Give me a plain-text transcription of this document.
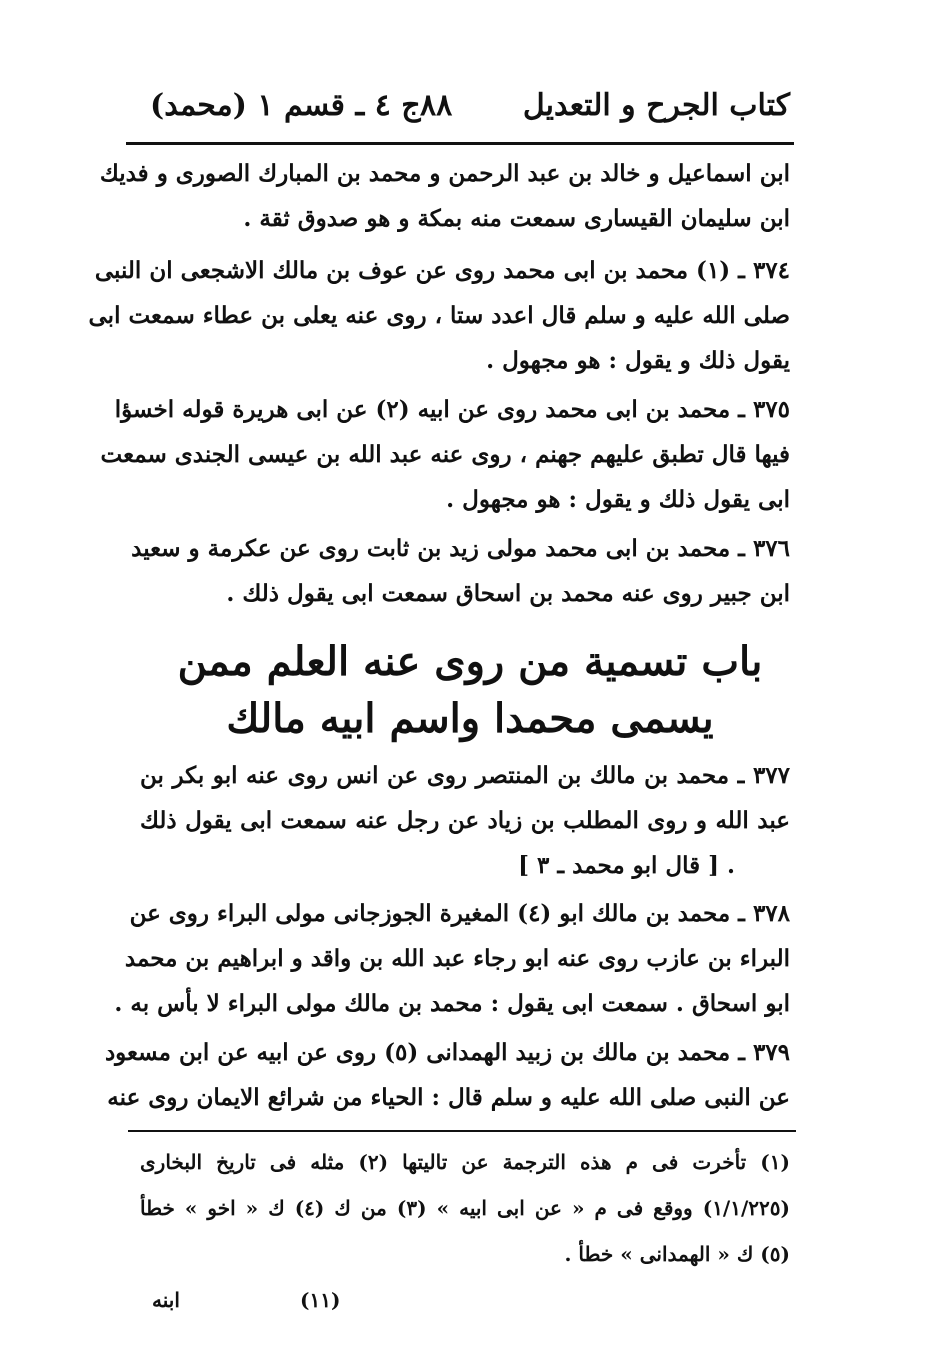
كتاب الجرح و التعديل
٨٨
(محمد) ج ٤ ـ قسم ١
ابن اسماعيل و خالد بن عبد الرحمن و محمد بن المبارك الصورى و فديك
ابن سليمان القيسارى سمعت منه بمكة و هو صدوق ثقة .
٣٧٤ ـ (١) محمد بن ابى محمد روى عن عوف بن مالك الاشجعى ان النبى
صلى الله عليه و سلم قال اعدد ستا ، روى عنه يعلى بن عطاء سمعت ابى
يقول ذلك و يقول : هو مجهول .
٣٧٥ ـ محمد بن ابى محمد روى عن ابيه (٢) عن ابى هريرة قوله اخسؤا
فيها قال تطبق عليهم جهنم ، روى عنه عبد الله بن عيسى الجندى سمعت
ابى يقول ذلك و يقول : هو مجهول .
٣٧٦ ـ محمد بن ابى محمد مولى زيد بن ثابت روى عن عكرمة و سعيد
ابن جبير روى عنه محمد بن اسحاق سمعت ابى يقول ذلك .
باب تسمية من روى عنه العلم ممن
يسمى محمدا واسم ابيه مالك
٣٧٧ ـ محمد بن مالك بن المنتصر روى عن انس روى عنه ابو بكر بن
عبد الله و روى المطلب بن زياد عن رجل عنه سمعت ابى يقول ذلك
. [ قال ابو محمد ـ ٣ ]
٣٧٨ ـ محمد بن مالك ابو (٤) المغيرة الجوزجانى مولى البراء روى عن
البراء بن عازب روى عنه ابو رجاء عبد الله بن واقد و ابراهيم بن محمد
ابو اسحاق . سمعت ابى يقول : محمد بن مالك مولى البراء لا بأس به .
٣٧٩ ـ محمد بن مالك بن زبيد الهمدانى (٥) روى عن ابيه عن ابن مسعود
عن النبى صلى الله عليه و سلم قال : الحياء من شرائع الايمان روى عنه
(١) تأخرت فى م هذه الترجمة عن تاليتها (٢) مثله فى تاريخ البخارى
(١/١/٢٢٥) ووقع فى م « عن ابى ابيه » (٣) من ك (٤) ك « اخو » خطأ
(٥) ك « الهمدانى » خطأ .
(١١)
ابنه
